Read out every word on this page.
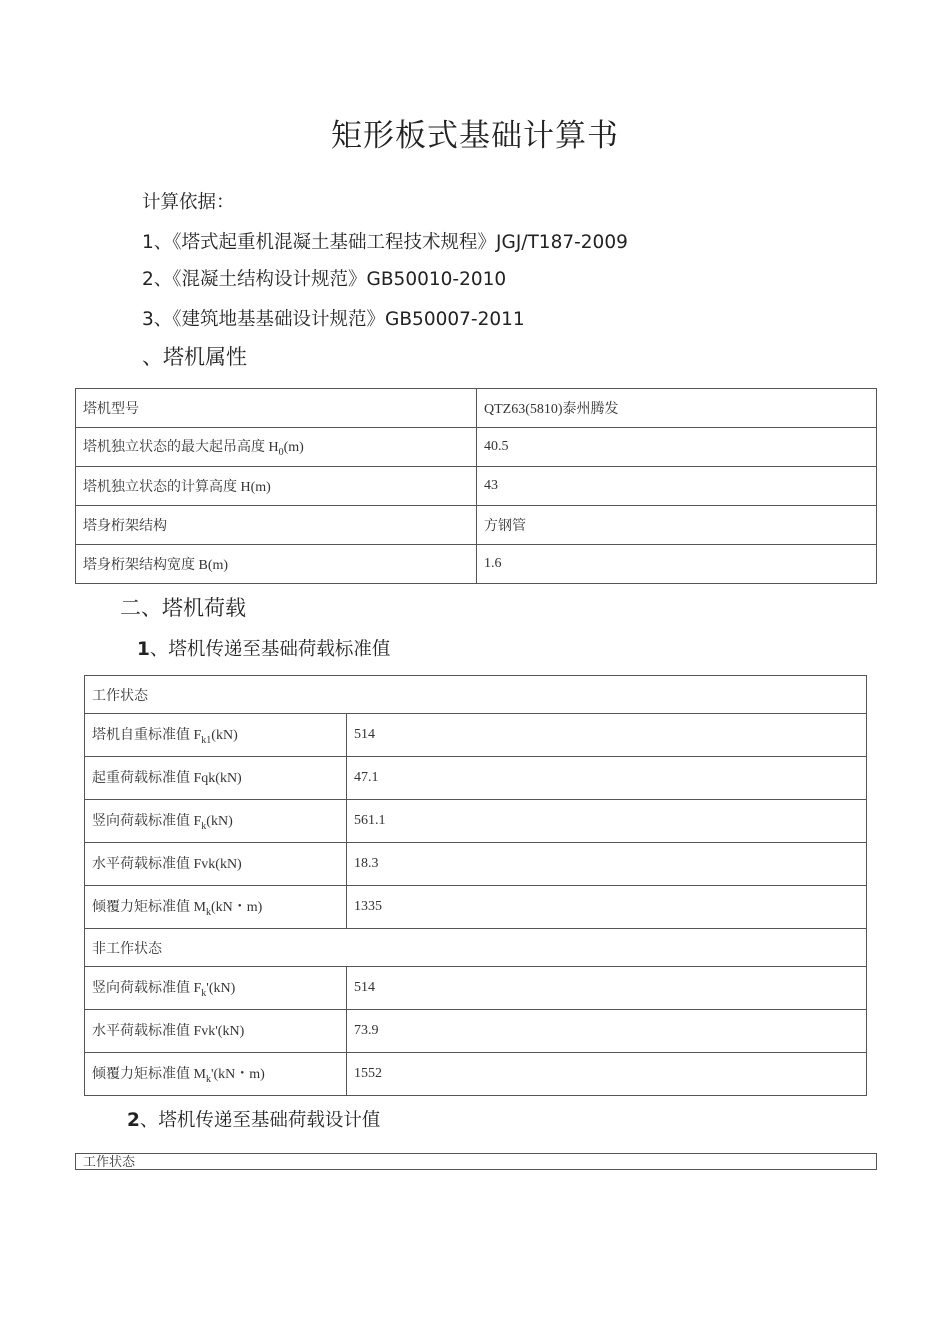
矩形板式基础计算书
计算依据：
1、《塔式起重机混凝土基础工程技术规程》JGJ/T187-2009
2、《混凝土结构设计规范》GB50010-2010
3、《建筑地基基础设计规范》GB50007-2011
、塔机属性
塔机型号	QTZ63(5810)泰州腾发
塔机独立状态的最大起吊高度 $H_0(m)$	40.5
塔机独立状态的计算高度 H(m)	43
塔身桁架结构	方钢管
塔身桁架结构宽度 B(m)	1.6
二、塔机荷载
1、塔机传递至基础荷载标准值
工作状态	
塔机自重标准值 $F_{k1}(kN)$	514
起重荷载标准值 Fqk(kN)	47.1
竖向荷载标准值 $F_k(kN)$	561.1
水平荷载标准值 Fvk(kN)	18.3
倾覆力矩标准值 $M_k(kN$・m)	1335
非工作状态	
竖向荷载标准值 $F_k'(kN)$	514
水平荷载标准值 Fvk'(kN)	73.9
倾覆力矩标准值 $M_k'(kN$・m)	1552
2、塔机传递至基础荷载设计值
工作状态
